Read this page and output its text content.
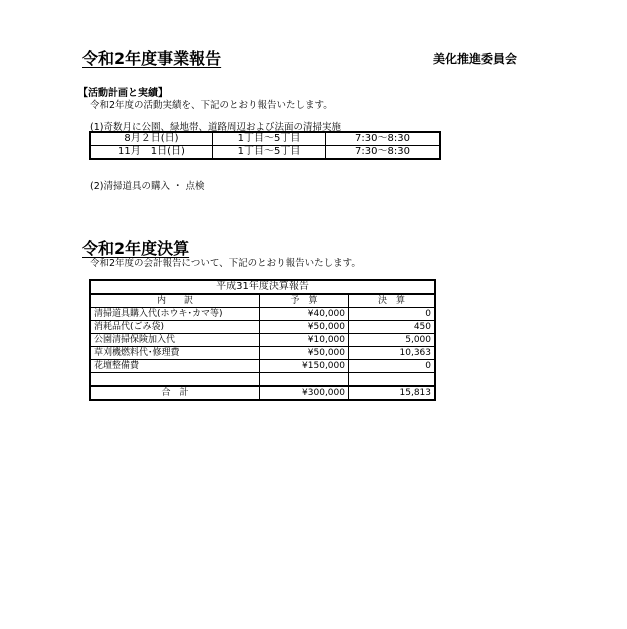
令和2年度事業報告	美化推進委員会
【活動計画と実績】
令和2年度の活動実績を、下記のとおり報告いたします。
(1)奇数月に公園、緑地帯、道路周辺および法面の清掃実施
8月２日(日)	1丁目～5丁目	7:30～8:30
11月　1日(日)	1丁目～5丁目	7:30～8:30
(2)清掃道具の購入 ・ 点検
令和2年度決算
令和2年度の会計報告について、下記のとおり報告いたします。
平成31年度決算報告		
内　　訳	予　算	決　算
清掃道具購入代(ホウキ･カマ等)	¥40,000	0
消耗品代(ごみ袋)	¥50,000	450
公園清掃保険加入代	¥10,000	5,000
草刈機燃料代･修理費	¥50,000	10,363
花壇整備費	¥150,000	0

合　計	¥300,000	15,813
